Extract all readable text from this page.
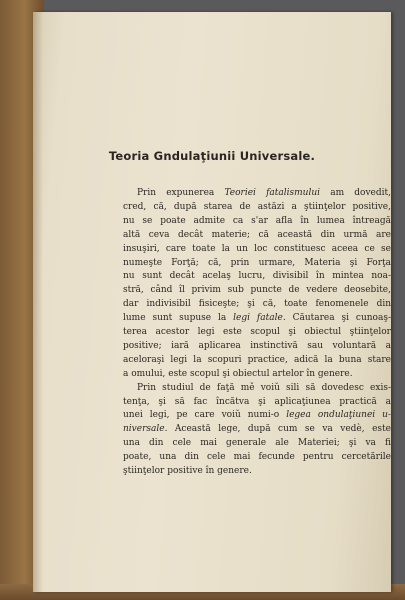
Teoria Gndulaţiunii Universale.
Prin expunerea Teoriei fatalismului am dovedit,
cred, că, după starea de astăzi a ştiinţelor positive,
nu se poate admite ca s'ar afla în lumea întreagă
altă ceva decât materie; că această din urmă are
insuşiri, care toate la un loc constituesc aceea ce se
numeşte Forţă; că, prin urmare, Materia şi Forţa
nu sunt decât acelaş lucru, divisibil în mintea noa-
stră, când îl privim sub puncte de vedere deosebite,
dar indivisibil fisiceşte; şi că, toate fenomenele din
lume sunt supuse la legi fatale. Căutarea şi cunoaş-
terea acestor legi este scopul şi obiectul ştiinţelor
positive; iară aplicarea instinctivă sau voluntară a
aceloraşi legi la scopuri practice, adică la buna stare
a omului, este scopul şi obiectul artelor în genere.
Prin studiul de faţă mě voiŭ sili să dovedesc exis-
tenţa, şi să fac încătva şi aplicaţiunea practică a
unei legi, pe care voiŭ numi-o legea ondulaţiunei u-
niversale. Această lege, după cum se va vedè, este
una din cele mai generale ale Materiei; şi va fi
poate, una din cele mai fecunde pentru cercetările
ştiinţelor positive în genere.
